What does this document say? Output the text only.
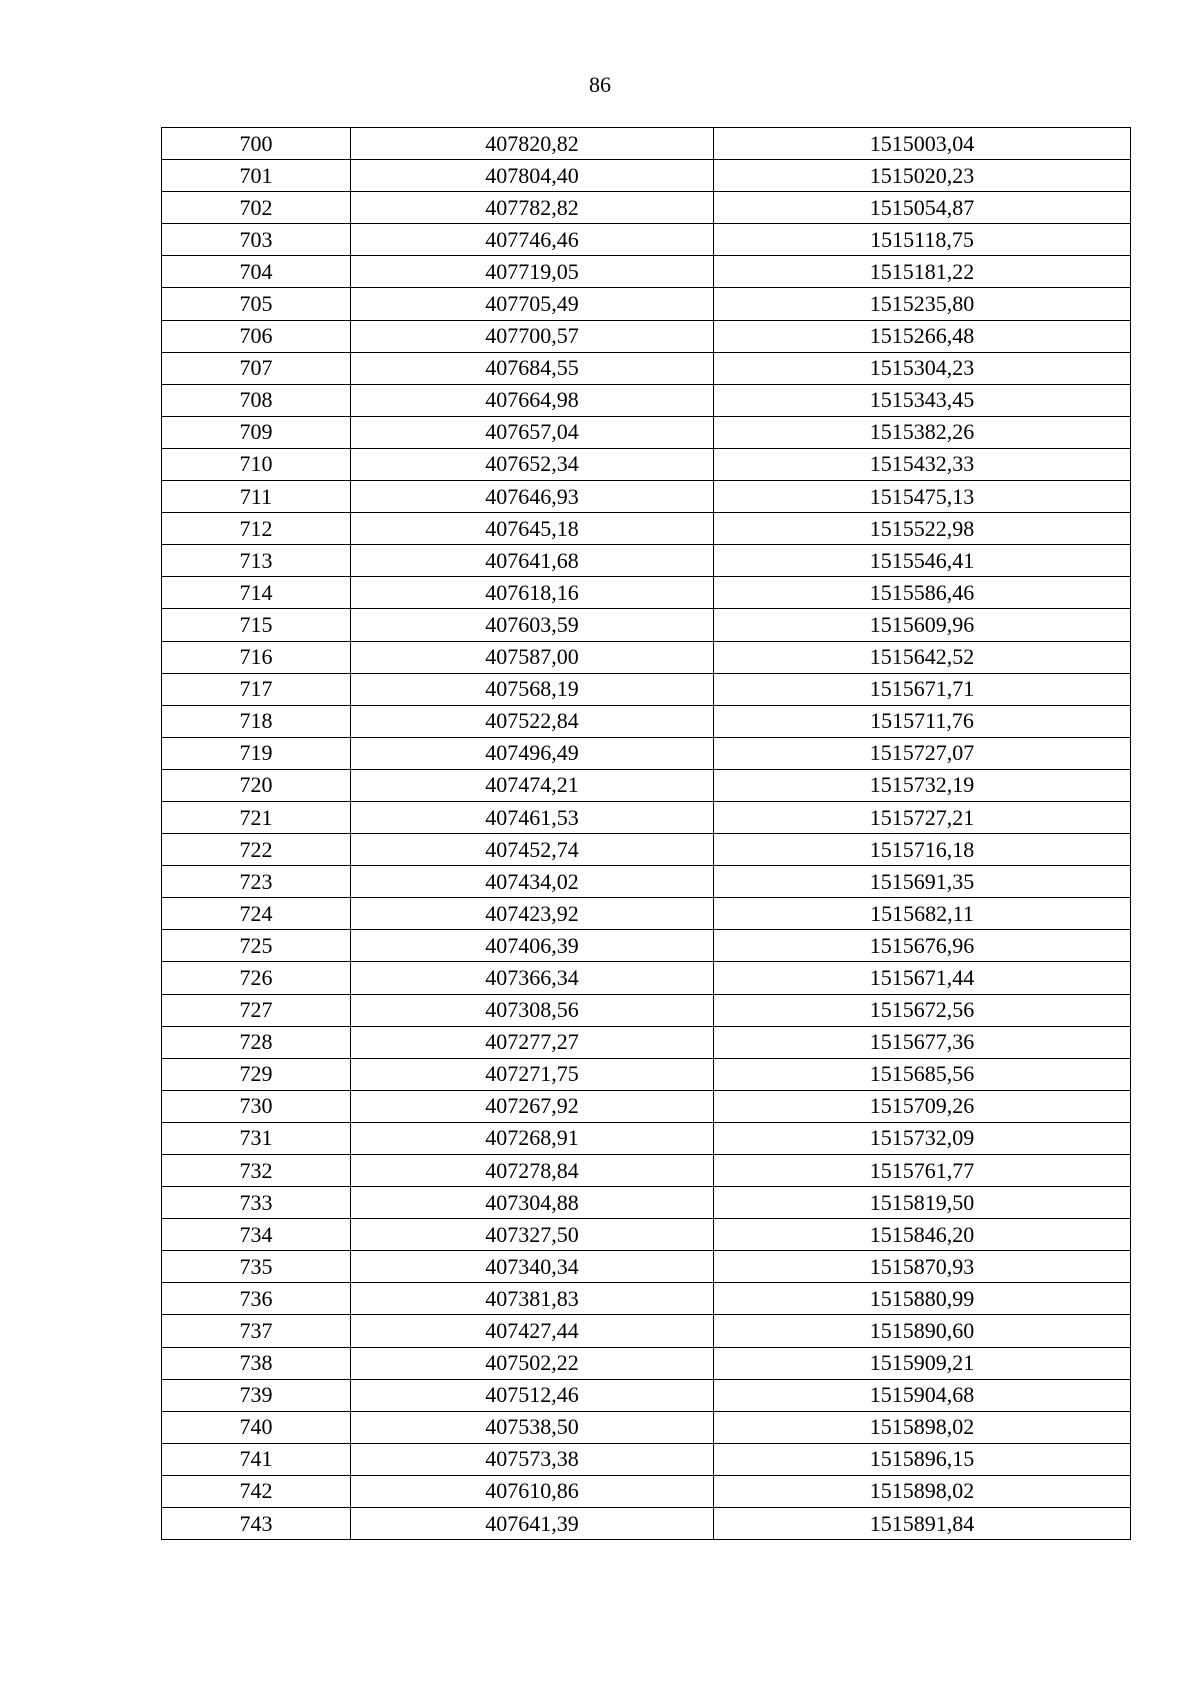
86
700	407820,82	1515003,04
701	407804,40	1515020,23
702	407782,82	1515054,87
703	407746,46	1515118,75
704	407719,05	1515181,22
705	407705,49	1515235,80
706	407700,57	1515266,48
707	407684,55	1515304,23
708	407664,98	1515343,45
709	407657,04	1515382,26
710	407652,34	1515432,33
711	407646,93	1515475,13
712	407645,18	1515522,98
713	407641,68	1515546,41
714	407618,16	1515586,46
715	407603,59	1515609,96
716	407587,00	1515642,52
717	407568,19	1515671,71
718	407522,84	1515711,76
719	407496,49	1515727,07
720	407474,21	1515732,19
721	407461,53	1515727,21
722	407452,74	1515716,18
723	407434,02	1515691,35
724	407423,92	1515682,11
725	407406,39	1515676,96
726	407366,34	1515671,44
727	407308,56	1515672,56
728	407277,27	1515677,36
729	407271,75	1515685,56
730	407267,92	1515709,26
731	407268,91	1515732,09
732	407278,84	1515761,77
733	407304,88	1515819,50
734	407327,50	1515846,20
735	407340,34	1515870,93
736	407381,83	1515880,99
737	407427,44	1515890,60
738	407502,22	1515909,21
739	407512,46	1515904,68
740	407538,50	1515898,02
741	407573,38	1515896,15
742	407610,86	1515898,02
743	407641,39	1515891,84
